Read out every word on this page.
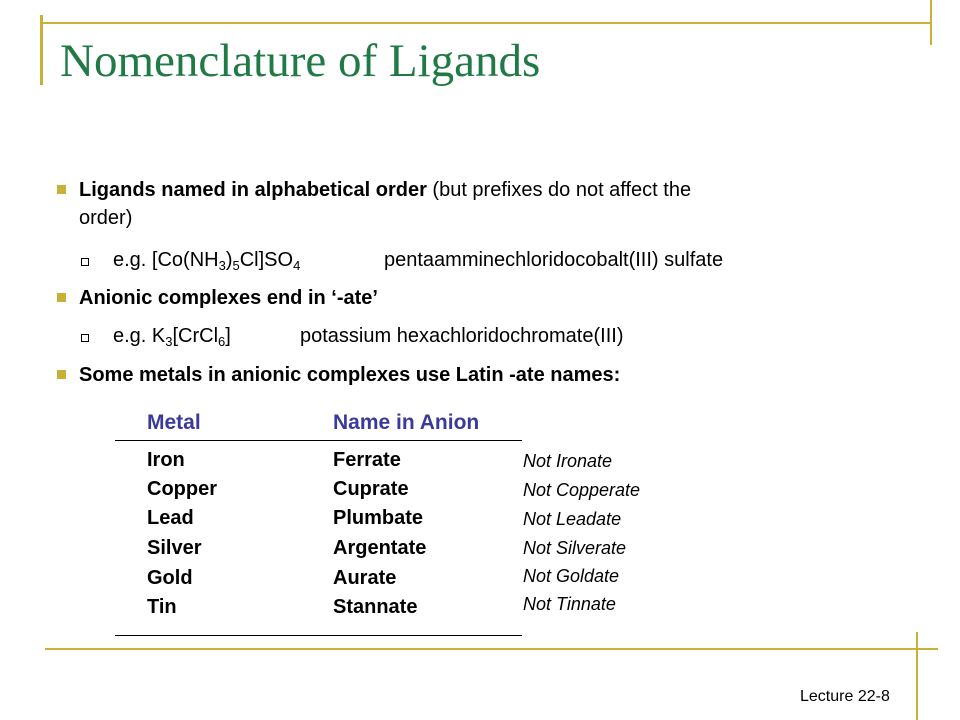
Nomenclature of Ligands
Ligands named in alphabetical order (but prefixes do not affect the
order)
e.g. $[Co(NH_3)_5Cl]SO_4$	pentaamminechloridocobalt(III) sulfate
Anionic complexes end in ‘-ate’
e.g. $K_3[CrCl_6]$	potassium hexachloridochromate(III)
Some metals in anionic complexes use Latin -ate names:
Metal	Name in Anion
Iron	Ferrate	Not Ironate
Copper	Cuprate	Not Copperate
Lead	Plumbate	Not Leadate
Silver	Argentate	Not Silverate
Gold	Aurate	Not Goldate
Tin	Stannate	Not Tinnate
Lecture 22-8
